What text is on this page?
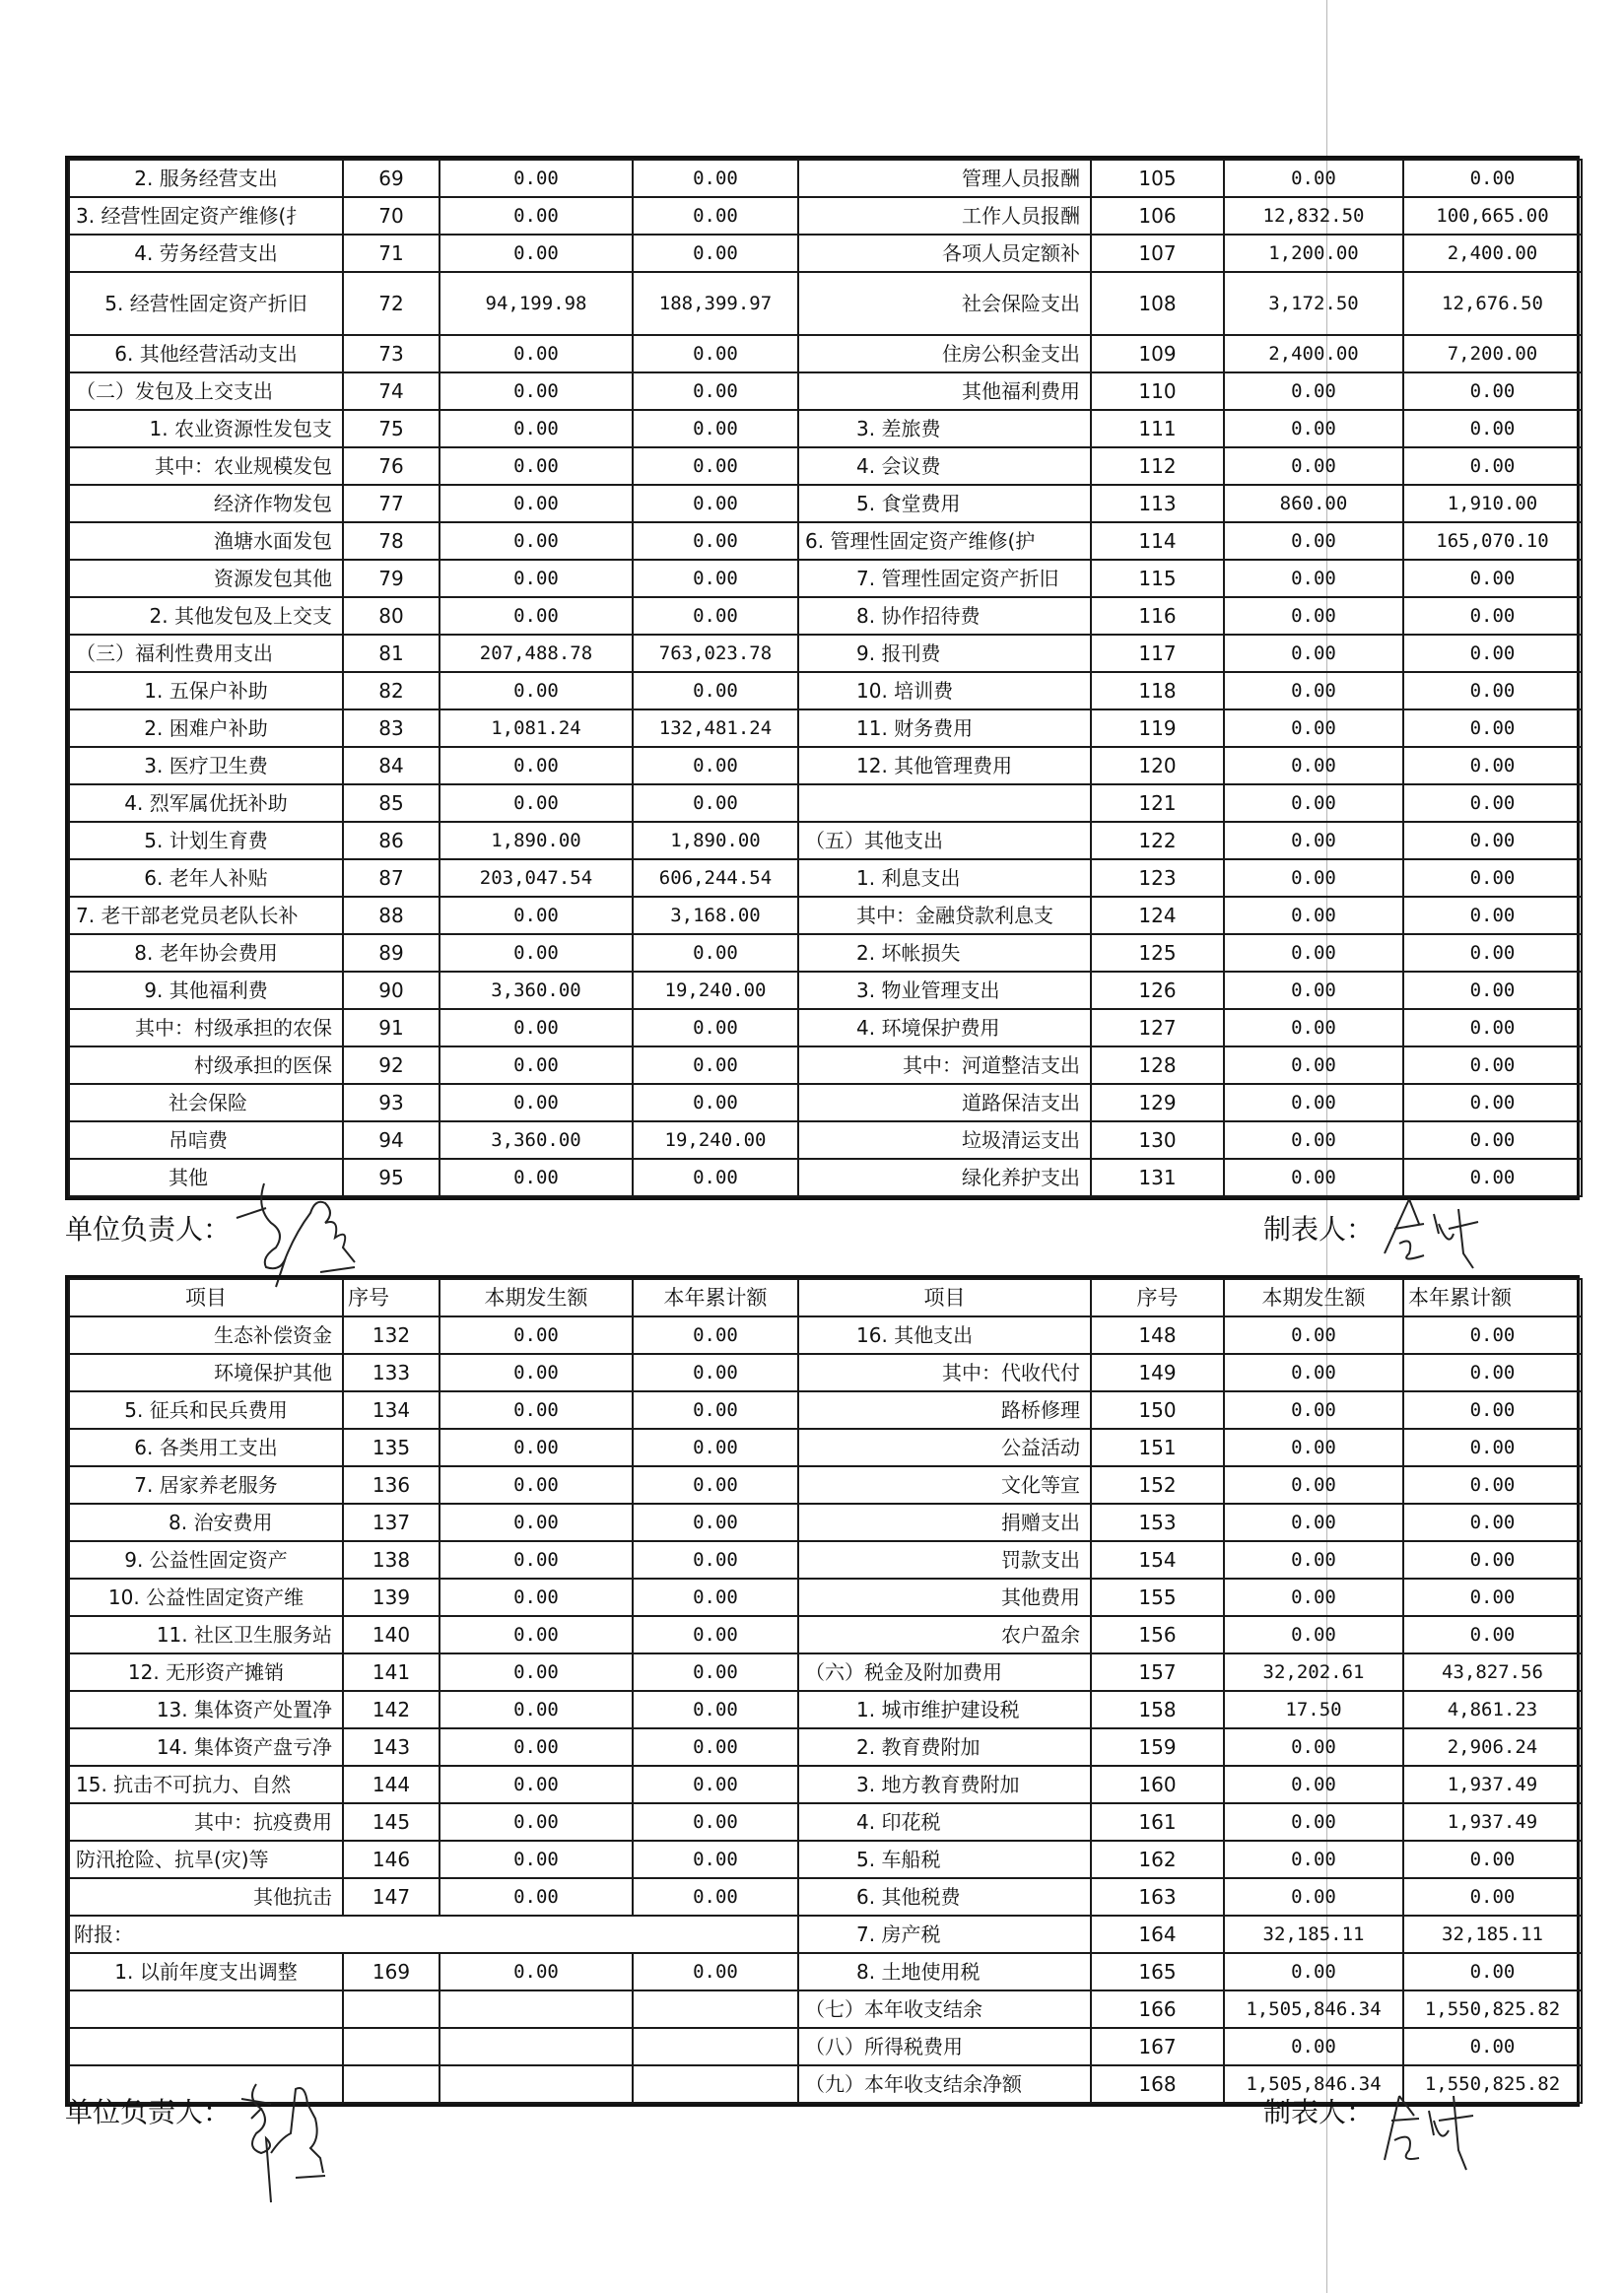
2. 服务经营支出	69	0.00	0.00	管理人员报酬	105	0.00	0.00
3. 经营性固定资产维修(扌	70	0.00	0.00	工作人员报酬	106	12,832.50	100,665.00
4. 劳务经营支出	71	0.00	0.00	各项人员定额补	107	1,200.00	2,400.00
5. 经营性固定资产折旧	72	94,199.98	188,399.97	社会保险支出	108	3,172.50	12,676.50
6. 其他经营活动支出	73	0.00	0.00	住房公积金支出	109	2,400.00	7,200.00
（二）发包及上交支出	74	0.00	0.00	其他福利费用	110	0.00	0.00
1. 农业资源性发包支	75	0.00	0.00	3. 差旅费	111	0.00	0.00
其中：农业规模发包	76	0.00	0.00	4. 会议费	112	0.00	0.00
经济作物发包	77	0.00	0.00	5. 食堂费用	113	860.00	1,910.00
渔塘水面发包	78	0.00	0.00	6. 管理性固定资产维修(护	114	0.00	165,070.10
资源发包其他	79	0.00	0.00	7. 管理性固定资产折旧	115	0.00	0.00
2. 其他发包及上交支	80	0.00	0.00	8. 协作招待费	116	0.00	0.00
（三）福利性费用支出	81	207,488.78	763,023.78	9. 报刊费	117	0.00	0.00
1. 五保户补助	82	0.00	0.00	10. 培训费	118	0.00	0.00
2. 困难户补助	83	1,081.24	132,481.24	11. 财务费用	119	0.00	0.00
3. 医疗卫生费	84	0.00	0.00	12. 其他管理费用	120	0.00	0.00
4. 烈军属优抚补助	85	0.00	0.00		121	0.00	0.00
5. 计划生育费	86	1,890.00	1,890.00	（五）其他支出	122	0.00	0.00
6. 老年人补贴	87	203,047.54	606,244.54	1. 利息支出	123	0.00	0.00
7. 老干部老党员老队长补	88	0.00	3,168.00	其中：金融贷款利息支	124	0.00	0.00
8. 老年协会费用	89	0.00	0.00	2. 坏帐损失	125	0.00	0.00
9. 其他福利费	90	3,360.00	19,240.00	3. 物业管理支出	126	0.00	0.00
其中：村级承担的农保	91	0.00	0.00	4. 环境保护费用	127	0.00	0.00
村级承担的医保	92	0.00	0.00	其中：河道整洁支出	128	0.00	0.00
社会保险	93	0.00	0.00	道路保洁支出	129	0.00	0.00
吊唁费	94	3,360.00	19,240.00	垃圾清运支出	130	0.00	0.00
其他	95	0.00	0.00	绿化养护支出	131	0.00	0.00
单位负责人：	制表人：
项目	序号	本期发生额	本年累计额	项目	序号	本期发生额	本年累计额
生态补偿资金	132	0.00	0.00	16. 其他支出	148	0.00	0.00
环境保护其他	133	0.00	0.00	其中：代收代付	149	0.00	0.00
5. 征兵和民兵费用	134	0.00	0.00	路桥修理	150	0.00	0.00
6. 各类用工支出	135	0.00	0.00	公益活动	151	0.00	0.00
7. 居家养老服务	136	0.00	0.00	文化等宣	152	0.00	0.00
8. 治安费用	137	0.00	0.00	捐赠支出	153	0.00	0.00
9. 公益性固定资产	138	0.00	0.00	罚款支出	154	0.00	0.00
10. 公益性固定资产维	139	0.00	0.00	其他费用	155	0.00	0.00
11. 社区卫生服务站	140	0.00	0.00	农户盈余	156	0.00	0.00
12. 无形资产摊销	141	0.00	0.00	（六）税金及附加费用	157	32,202.61	43,827.56
13. 集体资产处置净	142	0.00	0.00	1. 城市维护建设税	158	17.50	4,861.23
14. 集体资产盘亏净	143	0.00	0.00	2. 教育费附加	159	0.00	2,906.24
15. 抗击不可抗力、自然	144	0.00	0.00	3. 地方教育费附加	160	0.00	1,937.49
其中：抗疫费用	145	0.00	0.00	4. 印花税	161	0.00	1,937.49
防汛抢险、抗旱(灾)等	146	0.00	0.00	5. 车船税	162	0.00	0.00
其他抗击	147	0.00	0.00	6. 其他税费	163	0.00	0.00
附报：				7. 房产税	164	32,185.11	32,185.11
1. 以前年度支出调整	169	0.00	0.00	8. 土地使用税	165	0.00	0.00
				（七）本年收支结余	166	1,505,846.34	1,550,825.82
				（八）所得税费用	167	0.00	0.00
				（九）本年收支结余净额	168	1,505,846.34	1,550,825.82
单位负责人：	制表人：
